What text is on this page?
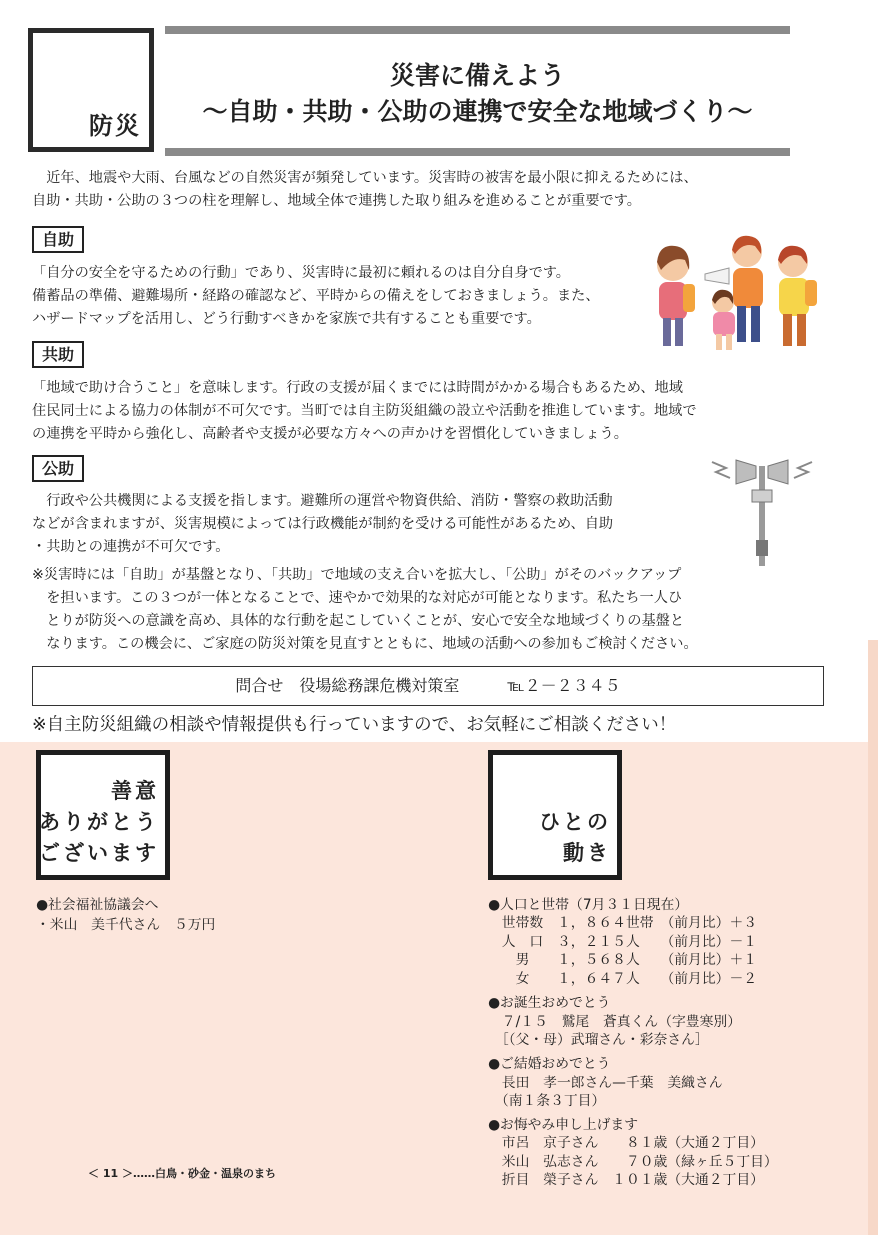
防災
災害に備えよう
～自助・共助・公助の連携で安全な地域づくり～
　近年、地震や大雨、台風などの自然災害が頻発しています。災害時の被害を最小限に抑えるためには、
自助・共助・公助の３つの柱を理解し、地域全体で連携した取り組みを進めることが重要です。
自助
「自分の安全を守るための行動」であり、災害時に最初に頼れるのは自分自身です。
備蓄品の準備、避難場所・経路の確認など、平時からの備えをしておきましょう。また、
ハザードマップを活用し、どう行動すべきかを家族で共有することも重要です。
共助
「地域で助け合うこと」を意味します。行政の支援が届くまでには時間がかかる場合もあるため、地域
住民同士による協力の体制が不可欠です。当町では自主防災組織の設立や活動を推進しています。地域で
の連携を平時から強化し、高齢者や支援が必要な方々への声かけを習慣化していきましょう。
公助
　行政や公共機関による支援を指します。避難所の運営や物資供給、消防・警察の救助活動
などが含まれますが、災害規模によっては行政機能が制約を受ける可能性があるため、自助
・共助との連携が不可欠です。
※災害時には「自助」が基盤となり、「共助」で地域の支え合いを拡大し、「公助」がそのバックアップ
　を担います。この３つが一体となることで、速やかで効果的な対応が可能となります。私たち一人ひ
　とりが防災への意識を高め、具体的な行動を起こしていくことが、安心で安全な地域づくりの基盤と
　なります。この機会に、ご家庭の防災対策を見直すとともに、地域の活動への参加もご検討ください。
問合せ　役場総務課危機対策室　　　℡２－２３４５
※自主防災組織の相談や情報提供も行っていますので、お気軽にご相談ください！
善意
ありがとう
ございます
●社会福祉協議会へ
・米山　美千代さん　５万円
ひとの
動き
●人口と世帯（7月３１日現在）
　世帯数　１，８６４世帯　（前月比）＋３
　人　口　３，２１５人　　（前月比）－１
　　男　　１，５６８人　　（前月比）＋１
　　女　　１，６４７人　　（前月比）－２
●お誕生おめでとう
　７/１５　鷲尾　蒼真くん（字豊寒別）
　［（父・母）武瑠さん・彩奈さん］
●ご結婚おめでとう
　長田　孝一郎さん—千葉　美織さん
　（南１条３丁目）
●お悔やみ申し上げます
　市呂　京子さん　　８１歳（大通２丁目）
　米山　弘志さん　　７０歳（緑ヶ丘５丁目）
　折目　榮子さん　１０１歳（大通２丁目）
＜ 11 ＞……白鳥・砂金・温泉のまち
